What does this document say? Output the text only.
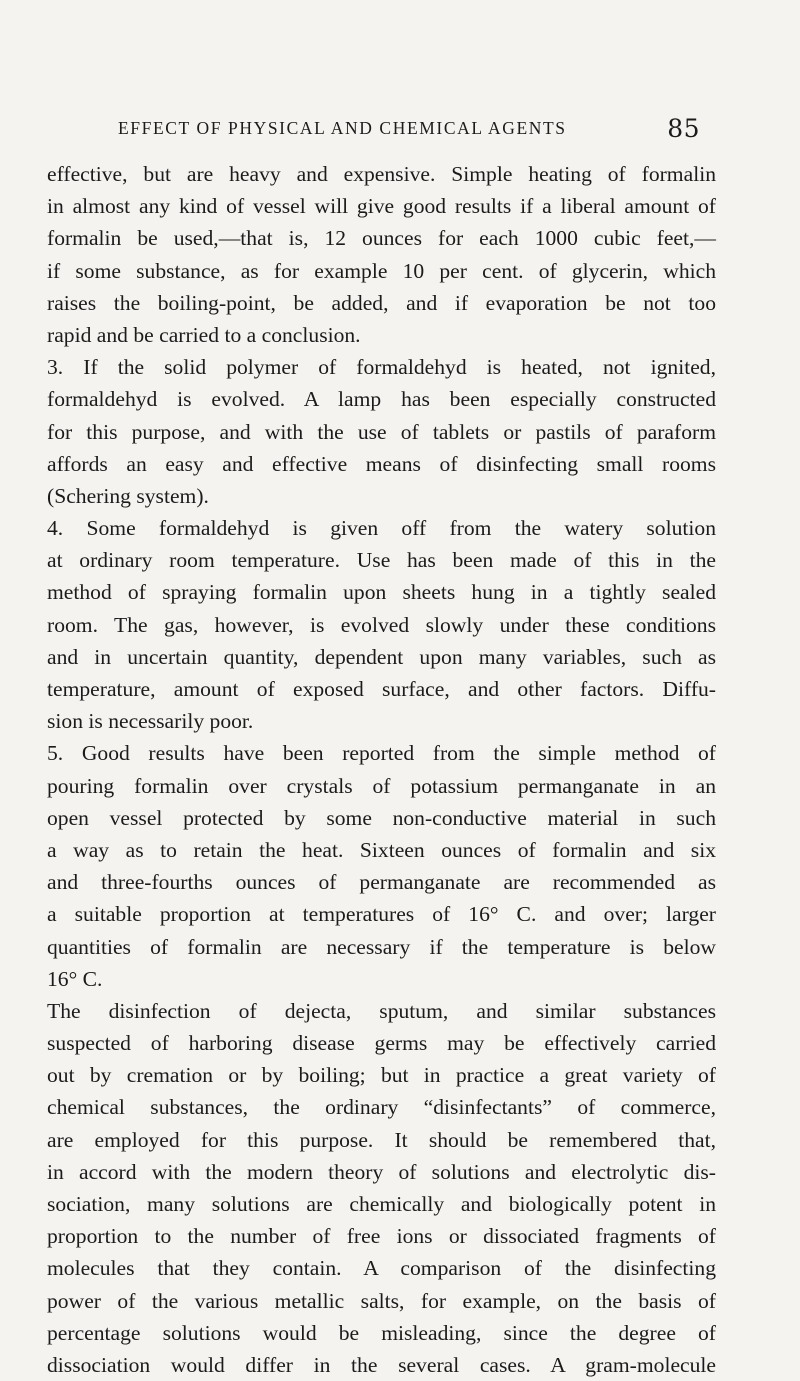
EFFECT OF PHYSICAL AND CHEMICAL AGENTS	85
effective, but are heavy and expensive. Simple heating of formalin
in almost any kind of vessel will give good results if a liberal amount of
formalin be used,—that is, 12 ounces for each 1000 cubic feet,—
if some substance, as for example 10 per cent. of glycerin, which
raises the boiling-point, be added, and if evaporation be not too
rapid and be carried to a conclusion.
3. If the solid polymer of formaldehyd is heated, not ignited,
formaldehyd is evolved. A lamp has been especially constructed
for this purpose, and with the use of tablets or pastils of paraform
affords an easy and effective means of disinfecting small rooms
(Schering system).
4. Some formaldehyd is given off from the watery solution
at ordinary room temperature. Use has been made of this in the
method of spraying formalin upon sheets hung in a tightly sealed
room. The gas, however, is evolved slowly under these conditions
and in uncertain quantity, dependent upon many variables, such as
temperature, amount of exposed surface, and other factors. Diffu-
sion is necessarily poor.
5. Good results have been reported from the simple method of
pouring formalin over crystals of potassium permanganate in an
open vessel protected by some non-conductive material in such
a way as to retain the heat. Sixteen ounces of formalin and six
and three-fourths ounces of permanganate are recommended as
a suitable proportion at temperatures of 16° C. and over; larger
quantities of formalin are necessary if the temperature is below
16° C.
The disinfection of dejecta, sputum, and similar substances
suspected of harboring disease germs may be effectively carried
out by cremation or by boiling; but in practice a great variety of
chemical substances, the ordinary “disinfectants” of commerce,
are employed for this purpose. It should be remembered that,
in accord with the modern theory of solutions and electrolytic dis-
sociation, many solutions are chemically and biologically potent in
proportion to the number of free ions or dissociated fragments of
molecules that they contain. A comparison of the disinfecting
power of the various metallic salts, for example, on the basis of
percentage solutions would be misleading, since the degree of
dissociation would differ in the several cases. A gram-molecule
